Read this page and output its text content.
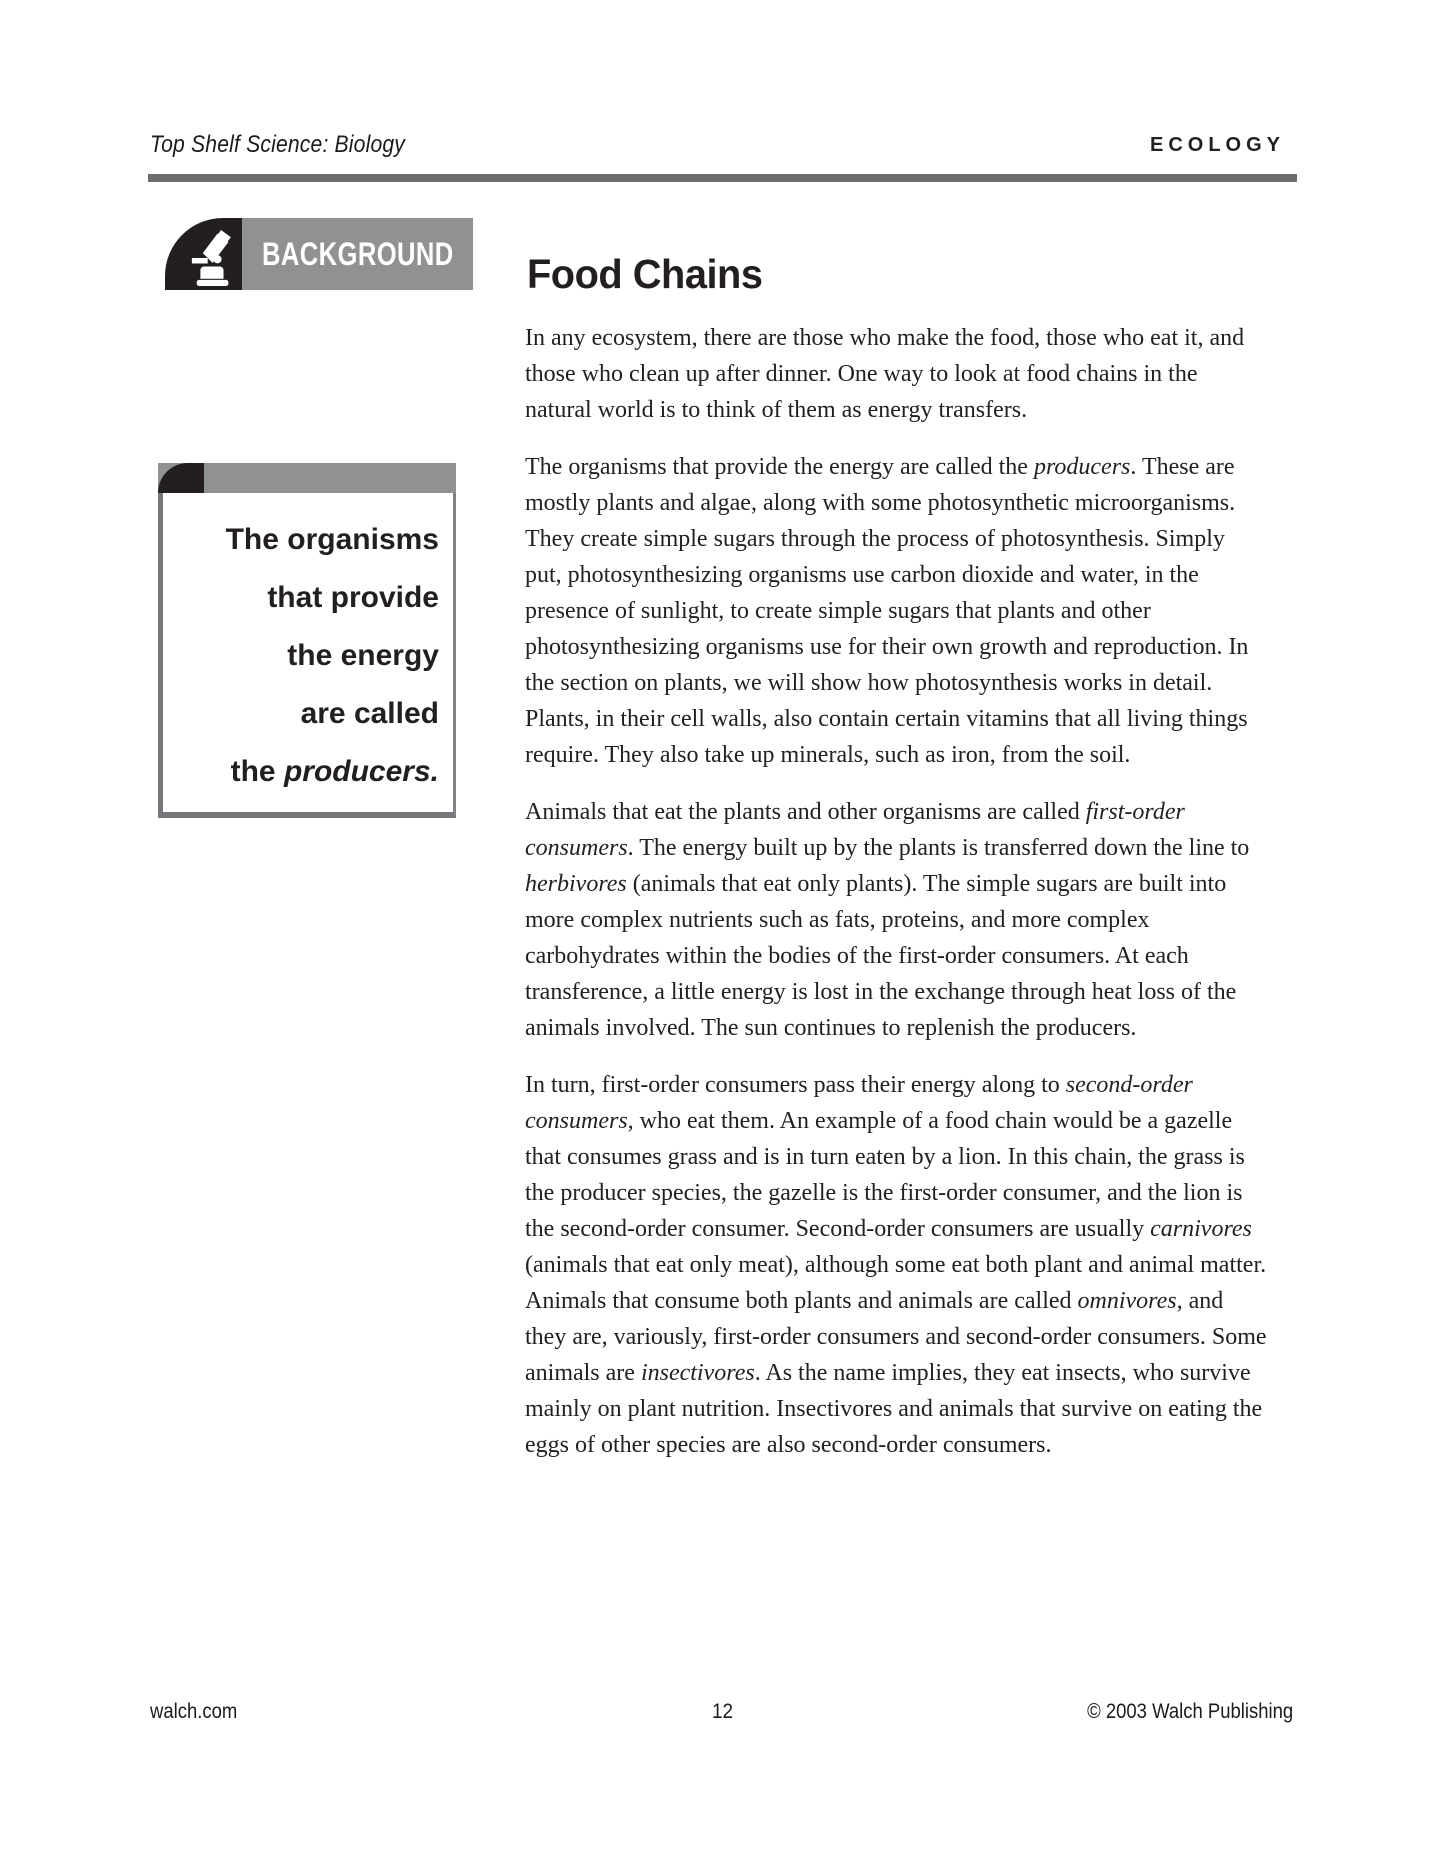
Top Shelf Science: Biology	ECOLOGY
BACKGROUND Food Chains
The organisms
that provide
the energy
are called
the producers.

In any ecosystem, there are those who make the food, those who eat it, and those who clean up after dinner. One way to look at food chains in the natural world is to think of them as energy transfers.

The organisms that provide the energy are called the producers. These are mostly plants and algae, along with some photosynthetic microorganisms. They create simple sugars through the process of photosynthesis. Simply put, photosynthesizing organisms use carbon dioxide and water, in the presence of sunlight, to create simple sugars that plants and other photosynthesizing organisms use for their own growth and reproduction. In the section on plants, we will show how photosynthesis works in detail. Plants, in their cell walls, also contain certain vitamins that all living things require. They also take up minerals, such as iron, from the soil.

Animals that eat the plants and other organisms are called first-order consumers. The energy built up by the plants is transferred down the line to herbivores (animals that eat only plants). The simple sugars are built into more complex nutrients such as fats, proteins, and more complex carbohydrates within the bodies of the first-order consumers. At each transference, a little energy is lost in the exchange through heat loss of the animals involved. The sun continues to replenish the producers.

In turn, first-order consumers pass their energy along to second-order consumers, who eat them. An example of a food chain would be a gazelle that consumes grass and is in turn eaten by a lion. In this chain, the grass is the producer species, the gazelle is the first-order consumer, and the lion is the second-order consumer. Second-order consumers are usually carnivores (animals that eat only meat), although some eat both plant and animal matter. Animals that consume both plants and animals are called omnivores, and they are, variously, first-order consumers and second-order consumers. Some animals are insectivores. As the name implies, they eat insects, who survive mainly on plant nutrition. Insectivores and animals that survive on eating the eggs of other species are also second-order consumers.

walch.com	12	© 2003 Walch Publishing
